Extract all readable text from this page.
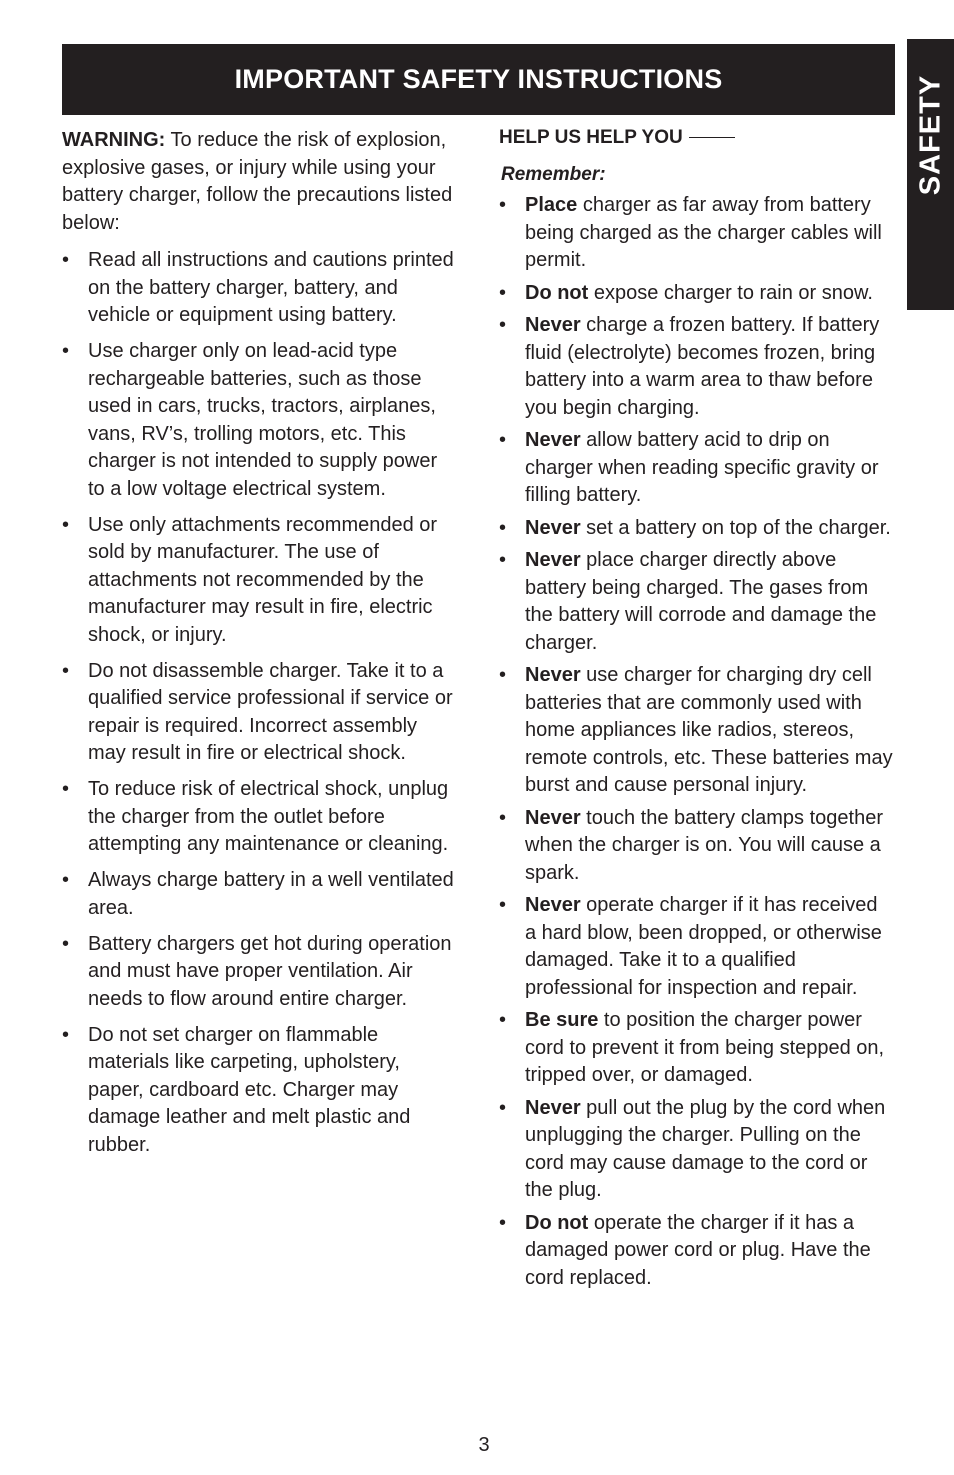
IMPORTANT SAFETY INSTRUCTIONS	SAFETY

WARNING: To reduce the risk of explosion, explosive gases, or injury while using your battery charger, follow the precautions listed below:

• Read all instructions and cautions printed on the battery charger, battery, and vehicle or equipment using battery.
• Use charger only on lead-acid type rechargeable batteries, such as those used in cars, trucks, tractors, airplanes, vans, RV’s, trolling motors, etc. This charger is not intended to supply power to a low voltage electrical system.
• Use only attachments recommended or sold by manufacturer. The use of attachments not recommended by the manufacturer may result in fire, electric shock, or injury.
• Do not disassemble charger. Take it to a qualified service professional if service or repair is required. Incorrect assembly may result in fire or electrical shock.
• To reduce risk of electrical shock, unplug the charger from the outlet before attempting any maintenance or cleaning.
• Always charge battery in a well ventilated area.
• Battery chargers get hot during operation and must have proper ventilation. Air needs to flow around entire charger.
• Do not set charger on flammable materials like carpeting, upholstery, paper, cardboard etc. Charger may damage leather and melt plastic and rubber.
HELP US HELP YOU
Remember:
• Place charger as far away from battery being charged as the charger cables will permit.
• Do not expose charger to rain or snow.
• Never charge a frozen battery. If battery fluid (electrolyte) becomes frozen, bring battery into a warm area to thaw before you begin charging.
• Never allow battery acid to drip on charger when reading specific gravity or filling battery.
• Never set a battery on top of the charger.
• Never place charger directly above battery being charged. The gases from the battery will corrode and damage the charger.
• Never use charger for charging dry cell batteries that are commonly used with home appliances like radios, stereos, remote controls, etc. These batteries may burst and cause personal injury.
• Never touch the battery clamps together when the charger is on. You will cause a spark.
• Never operate charger if it has received a hard blow, been dropped, or otherwise damaged. Take it to a qualified professional for inspection and repair.
• Be sure to position the charger power cord to prevent it from being stepped on, tripped over, or damaged.
• Never pull out the plug by the cord when unplugging the charger. Pulling on the cord may cause damage to the cord or the plug.
• Do not operate the charger if it has a damaged power cord or plug. Have the cord replaced.
3
